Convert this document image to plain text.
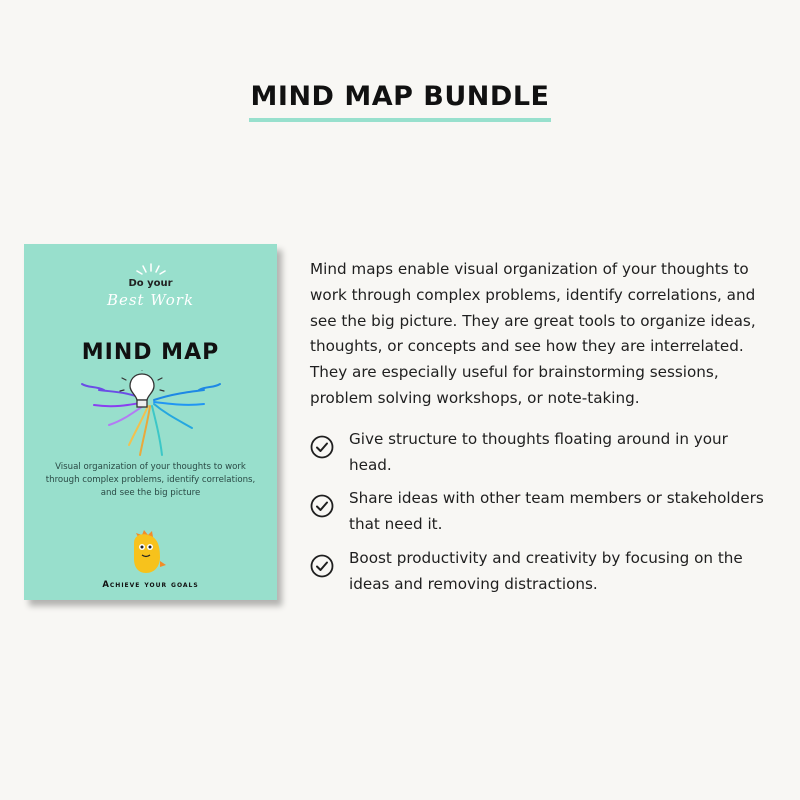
MIND MAP BUNDLE
Do your
Best Work
MIND MAP
Visual organization of your thoughts to work through complex problems, identify correlations, and see the big picture
Achieve your goals

Mind maps enable visual organization of your thoughts to work through complex problems, identify correlations, and see the big picture. They are great tools to organize ideas, thoughts, or concepts and see how they are interrelated. They are especially useful for brainstorming sessions, problem solving workshops, or note-taking.

Give structure to thoughts floating around in your head.
Share ideas with other team members or stakeholders that need it.
Boost productivity and creativity by focusing on the ideas and removing distractions.
